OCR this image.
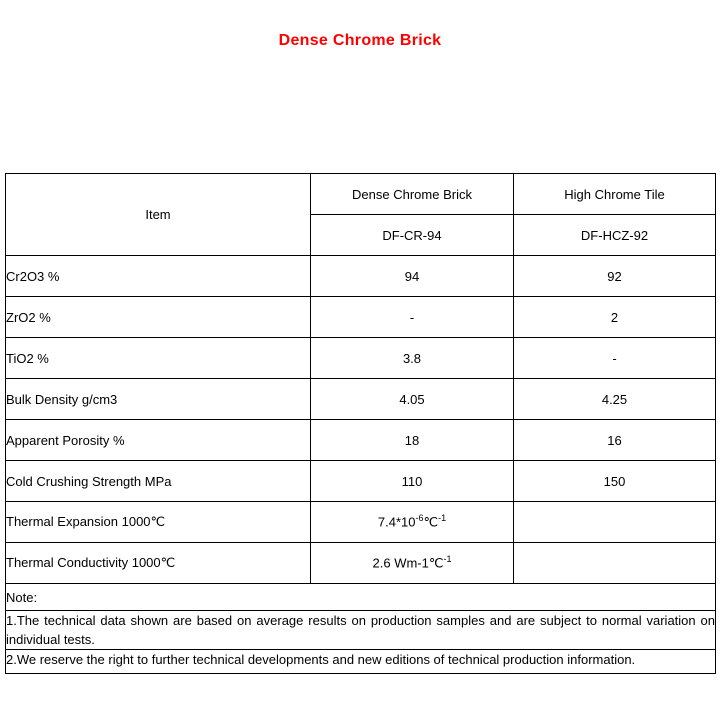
Dense Chrome Brick
Item	Dense Chrome Brick	High Chrome Tile
	DF-CR-94	DF-HCZ-92
Cr2O3 %	94	92
ZrO2 %	-	2
TiO2 %	3.8	-
Bulk Density g/cm3	4.05	4.25
Apparent Porosity %	18	16
Cold Crushing Strength MPa	110	150
Thermal Expansion 1000℃	$7.4*10^{-6}℃^{-1}$	
Thermal Conductivity 1000℃	2.6 Wm-1℃$^{-1}$	
Note:		
1.The technical data shown are based on average results on production samples and are subject to normal variation on individual tests.		
2.We reserve the right to further technical developments and new editions of technical production information.		
